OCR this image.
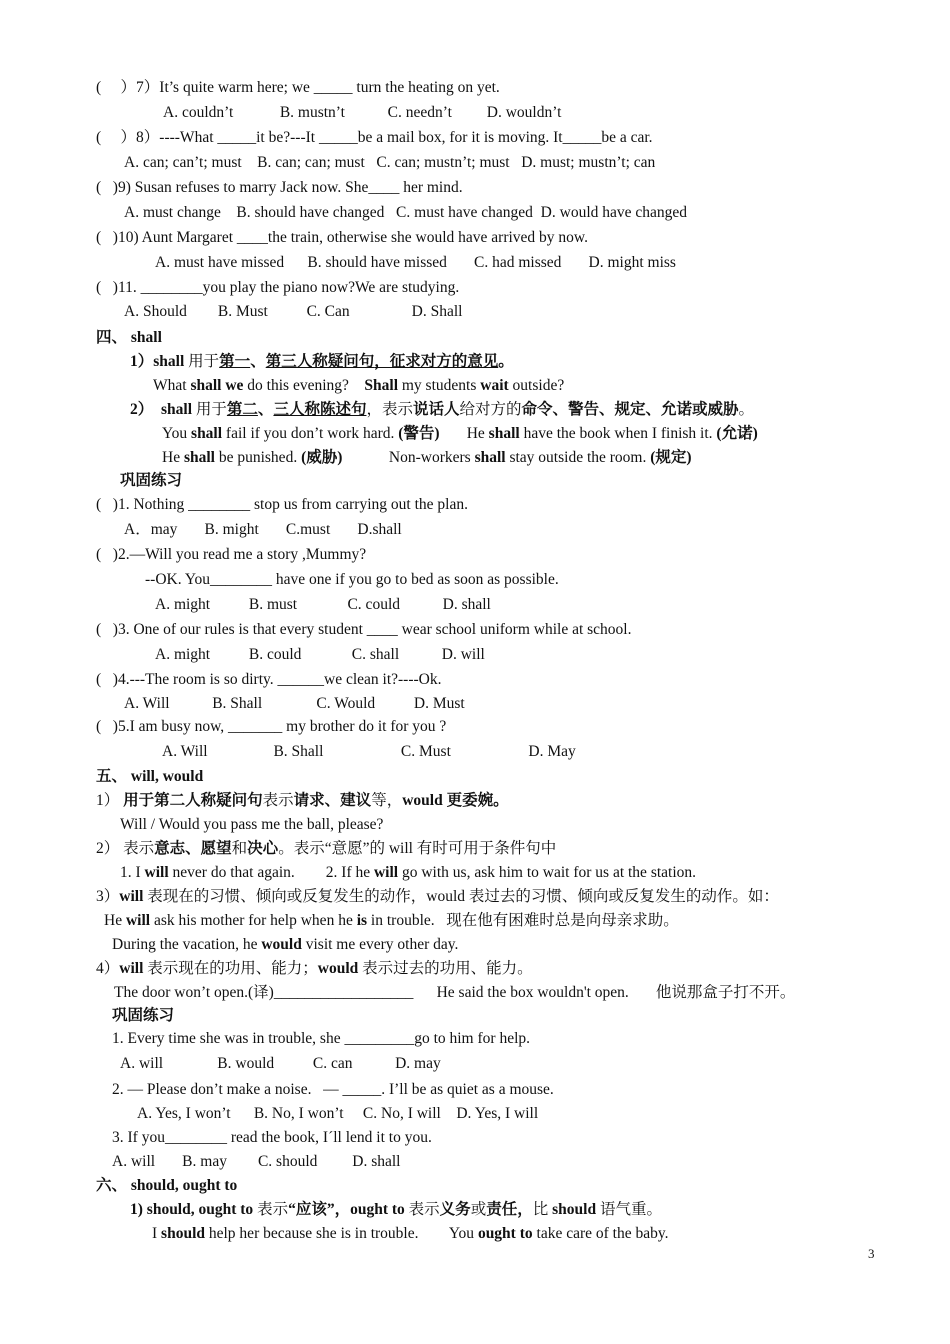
(　 ）7）It’s quite warm here; we _____ turn the heating on yet.
A. couldn’t            B. mustn’t           C. needn’t         D. wouldn’t
(　 ）8）----What _____it be?---It _____be a mail box, for it is moving. It_____be a car.
A. can; can’t; must    B. can; can; must   C. can; mustn’t; must   D. must; mustn’t; can
(   )9) Susan refuses to marry Jack now. She____ her mind.
A. must change    B. should have changed   C. must have changed  D. would have changed
(   )10) Aunt Margaret ____the train, otherwise she would have arrived by now.
A. must have missed      B. should have missed       C. had missed       D. might miss
(   )11. ________you play the piano now?We are studying.
A. Should        B. Must          C. Can                D. Shall
四、 shall
1）shall 用于第一、第三人称疑问句，征求对方的意见。
What shall we do this evening?    Shall my students wait outside?
2）  shall 用于第二、三人称陈述句，表示说话人给对方的命令、警告、规定、允诺或威胁。
You shall fail if you don’t work hard. (警告)       He shall have the book when I finish it. (允诺)
He shall be punished. (威胁)            Non-workers shall stay outside the room. (规定)
巩固练习
(   )1. Nothing ________ stop us from carrying out the plan.
A．may       B. might       C.must       D.shall
(   )2.—Will you read me a story ,Mummy?
--OK. You________ have one if you go to bed as soon as possible.
A. might          B. must             C. could           D. shall
(   )3. One of our rules is that every student ____ wear school uniform while at school.
A. might          B. could             C. shall           D. will
(   )4.---The room is so dirty. ______we clean it?----Ok.
A. Will           B. Shall              C. Would          D. Must
(   )5.I am busy now, _______ my brother do it for you ?
A. Will                 B. Shall                    C. Must                    D. May
五、 will, would
1） 用于第二人称疑问句表示请求、建议等，would 更委婉。
Will / Would you pass me the ball, please?
2） 表示意志、愿望和决心。表示“意愿”的 will 有时可用于条件句中
1. I will never do that again.        2. If he will go with us, ask him to wait for us at the station.
3）will 表现在的习惯、倾向或反复发生的动作，would 表过去的习惯、倾向或反复发生的动作。如：
He will ask his mother for help when he is in trouble.   现在他有困难时总是向母亲求助。
During the vacation, he would visit me every other day.
4）will 表示现在的功用、能力；would 表示过去的功用、能力。
The door won’t open.(译)__________________      He said the box wouldn't open.       他说那盒子打不开。
巩固练习
1. Every time she was in trouble, she _________go to him for help.
A. will              B. would          C. can           D. may
2. — Please don’t make a noise.   — _____. I’ll be as quiet as a mouse.
A. Yes, I won’t      B. No, I won’t     C. No, I will    D. Yes, I will
3. If you________ read the book, I´ll lend it to you.
A. will       B. may        C. should         D. shall
六、 should, ought to
1) should, ought to 表示“应该”，ought to 表示义务或责任，比 should 语气重。
I should help her because she is in trouble.        You ought to take care of the baby.
3
